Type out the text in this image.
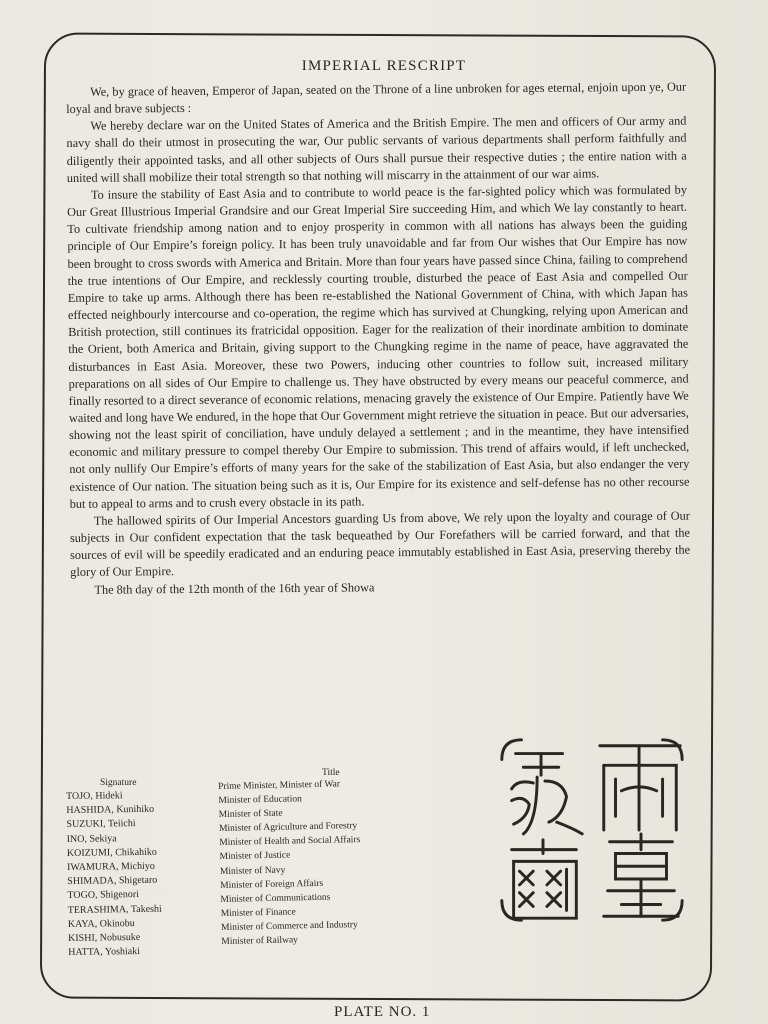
IMPERIAL RESCRIPT

We, by grace of heaven, Emperor of Japan, seated on the Throne of a line unbroken for ages eternal, enjoin upon ye, Our loyal and brave subjects :

We hereby declare war on the United States of America and the British Empire. The men and officers of Our army and navy shall do their utmost in prosecuting the war, Our public servants of various departments shall perform faithfully and diligently their appointed tasks, and all other subjects of Ours shall pursue their respective duties ; the entire nation with a united will shall mobilize their total strength so that nothing will miscarry in the attainment of our war aims.

To insure the stability of East Asia and to contribute to world peace is the far-sighted policy which was formulated by Our Great Illustrious Imperial Grandsire and our Great Imperial Sire succeeding Him, and which We lay constantly to heart. To cultivate friendship among nation and to enjoy prosperity in common with all nations has always been the guiding principle of Our Empire’s foreign policy. It has been truly unavoidable and far from Our wishes that Our Empire has now been brought to cross swords with America and Britain. More than four years have passed since China, failing to comprehend the true intentions of Our Empire, and recklessly courting trouble, disturbed the peace of East Asia and compelled Our Empire to take up arms. Although there has been re-established the National Government of China, with which Japan has effected neighbourly intercourse and co-operation, the regime which has survived at Chungking, relying upon American and British protection, still continues its fratricidal opposition. Eager for the realization of their inordinate ambition to dominate the Orient, both America and Britain, giving support to the Chungking regime in the name of peace, have aggravated the disturbances in East Asia. Moreover, these two Powers, inducing other countries to follow suit, increased military preparations on all sides of Our Empire to challenge us. They have obstructed by every means our peaceful commerce, and finally resorted to a direct severance of economic relations, menacing gravely the existence of Our Empire. Patiently have We waited and long have We endured, in the hope that Our Government might retrieve the situation in peace. But our adversaries, showing not the least spirit of conciliation, have unduly delayed a settlement ; and in the meantime, they have intensified economic and military pressure to compel thereby Our Empire to submission. This trend of affairs would, if left unchecked, not only nullify Our Empire’s efforts of many years for the sake of the stabilization of East Asia, but also endanger the very existence of Our nation. The situation being such as it is, Our Empire for its existence and self-defense has no other recourse but to appeal to arms and to crush every obstacle in its path.

The hallowed spirits of Our Imperial Ancestors guarding Us from above, We rely upon the loyalty and courage of Our subjects in Our confident expectation that the task bequeathed by Our Forefathers will be carried forward, and that the sources of evil will be speedily eradicated and an enduring peace immutably established in East Asia, preserving thereby the glory of Our Empire.

The 8th day of the 12th month of the 16th year of Showa

Title
Signature
TOJO, Hideki
HASHIDA, Kunihiko
SUZUKI, Teiichi
INO, Sekiya
KOIZUMI, Chikahiko
IWAMURA, Michiyo
SHIMADA, Shigetaro
TOGO, Shigenori
TERASHIMA, Takeshi
KAYA, Okinobu
KISHI, Nobusuke
HATTA, Yoshiaki
Prime Minister, Minister of War
Minister of Education
Minister of State
Minister of Agriculture and Forestry
Minister of Health and Social Affairs
Minister of Justice
Minister of Navy
Minister of Foreign Affairs
Minister of Communications
Minister of Finance
Minister of Commerce and Industry
Minister of Railway
PLATE NO. 1
